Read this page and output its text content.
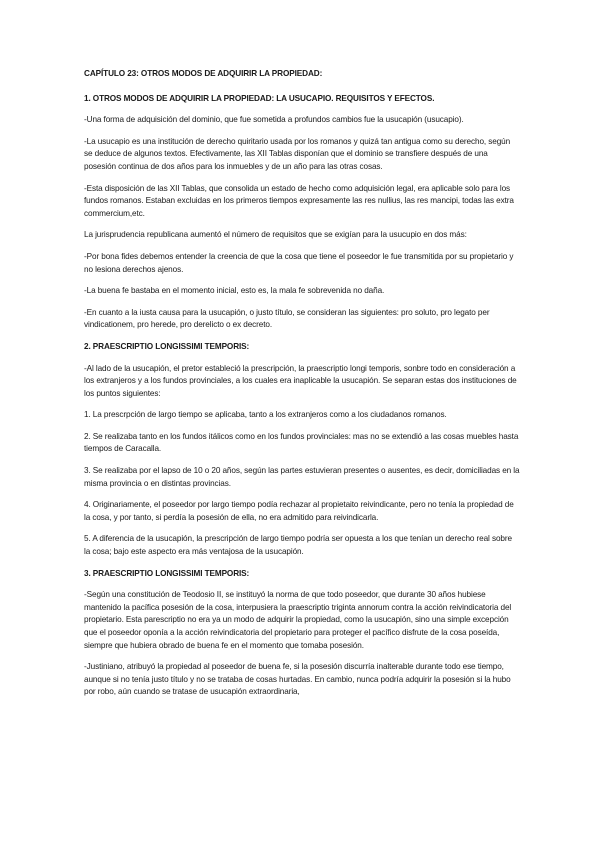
CAPÍTULO 23: OTROS MODOS DE ADQUIRIR LA PROPIEDAD:

1. OTROS MODOS DE ADQUIRIR LA PROPIEDAD: LA USUCAPIO. REQUISITOS Y EFECTOS.

-Una forma de adquisición del dominio, que fue sometida a profundos cambios fue la usucapión (usucapio).

-La usucapio es una institución de derecho quiritario usada por los romanos y quizá tan antigua como su derecho, según se deduce de algunos textos. Efectivamente, las XII Tablas disponían que el dominio se transfiere después de una posesión continua de dos años para los inmuebles y de un año para las otras cosas.

-Esta disposición de las XII Tablas, que consolida un estado de hecho como adquisición legal, era aplicable solo para los fundos romanos. Estaban excluidas en los primeros tiempos expresamente las res nullius, las res mancipi, todas las extra commercium,etc.

La jurisprudencia republicana aumentó el número de requisitos que se exigían para la usucupio en dos más:

-Por bona fides debemos entender la creencia de que la cosa que tiene el poseedor le fue transmitida por su propietario y no lesiona derechos ajenos.

-La buena fe bastaba en el momento inicial, esto es, la mala fe sobrevenida no daña.

-En cuanto a la iusta causa para la usucapión, o justo título, se consideran las siguientes: pro soluto, pro legato per vindicationem, pro herede, pro derelicto o ex decreto.

2. PRAESCRIPTIO LONGISSIMI TEMPORIS:

-Al lado de la usucapión, el pretor estableció la prescripción, la praescriptio longi temporis, sonbre todo en consideración a los extranjeros y a los fundos provinciales, a los cuales era inaplicable la usucapión. Se separan estas dos instituciones de los puntos siguientes:

1. La prescrpción de largo tiempo se aplicaba, tanto a los extranjeros como a los ciudadanos romanos.

2. Se realizaba tanto en los fundos itálicos como en los fundos provinciales: mas no se extendió a las cosas muebles hasta tiempos de Caracalla.

3. Se realizaba por el lapso de 10 o 20 años, según las partes estuvieran presentes o ausentes, es decir, domiciliadas en la misma provincia o en distintas provincias.

4. Originariamente, el poseedor por largo tiempo podía rechazar al propietaito reivindicante, pero no tenía la propiedad de la cosa, y por tanto, si perdía la posesión de ella, no era admitido para reivindicarla.

5. A diferencia de la usucapión, la prescripción de largo tiempo podría ser opuesta a los que tenían un derecho real sobre la cosa; bajo este aspecto era más ventajosa de la usucapión.

3. PRAESCRIPTIO LONGISSIMI TEMPORIS:

-Según una constitución de Teodosio II, se instituyó la norma de que todo poseedor, que durante 30 años hubiese mantenido la pacífica posesión de la cosa, interpusiera la praescriptio triginta annorum contra la acción reivindicatoria del propietario. Esta parescriptio no era ya un modo de adquirir la propiedad, como la usucapión, sino una simple excepción que el poseedor oponía a la acción reivindicatoria del propietario para proteger el pacífico disfrute de la cosa poseída, siempre que hubiera obrado de buena fe en el momento que tomaba posesión.

-Justiniano, atribuyó la propiedad al poseedor de buena fe, si la posesión discurría inalterable durante todo ese tiempo, aunque si no tenía justo título y no se trataba de cosas hurtadas. En cambio, nunca podría adquirir la posesión si la hubo por robo, aún cuando se tratase de usucapión extraordinaria,
